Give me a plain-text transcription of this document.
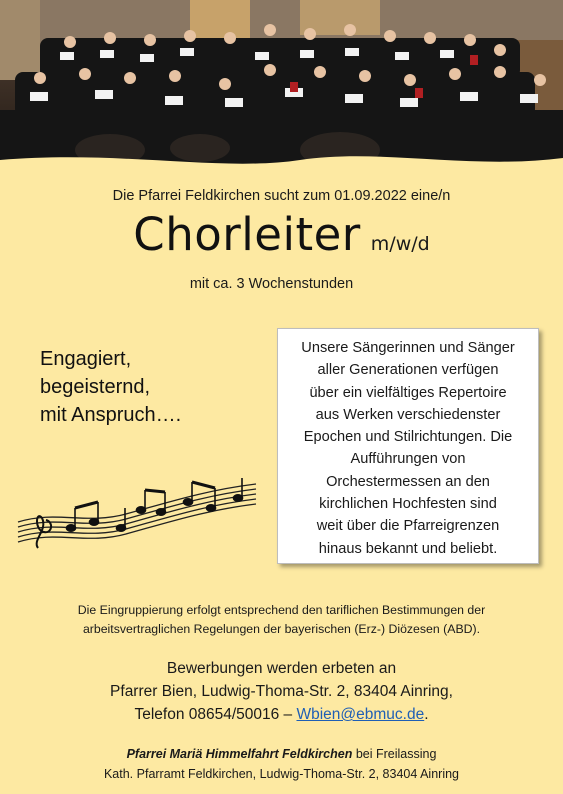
Die Pfarrei Feldkirchen sucht zum 01.09.2022 eine/n
Chorleiter m/w/d
mit ca. 3 Wochenstunden
Engagiert,
begeisternd,
mit Anspruch….
Unsere Sängerinnen und Sänger
aller Generationen verfügen
über ein vielfältiges Repertoire
aus Werken verschiedenster
Epochen und Stilrichtungen. Die
Aufführungen von
Orchestermessen an den
kirchlichen Hochfesten sind
weit über die Pfarreigrenzen
hinaus bekannt und beliebt.
Die Eingruppierung erfolgt entsprechend den tariflichen Bestimmungen der
arbeitsvertraglichen Regelungen der bayerischen (Erz-) Diözesen (ABD).
Bewerbungen werden erbeten an
Pfarrer Bien, Ludwig-Thoma-Str. 2, 83404 Ainring,
Telefon 08654/50016 – Wbien@ebmuc.de.
Pfarrei Mariä Himmelfahrt Feldkirchen bei Freilassing
Kath. Pfarramt Feldkirchen, Ludwig-Thoma-Str. 2, 83404 Ainring
